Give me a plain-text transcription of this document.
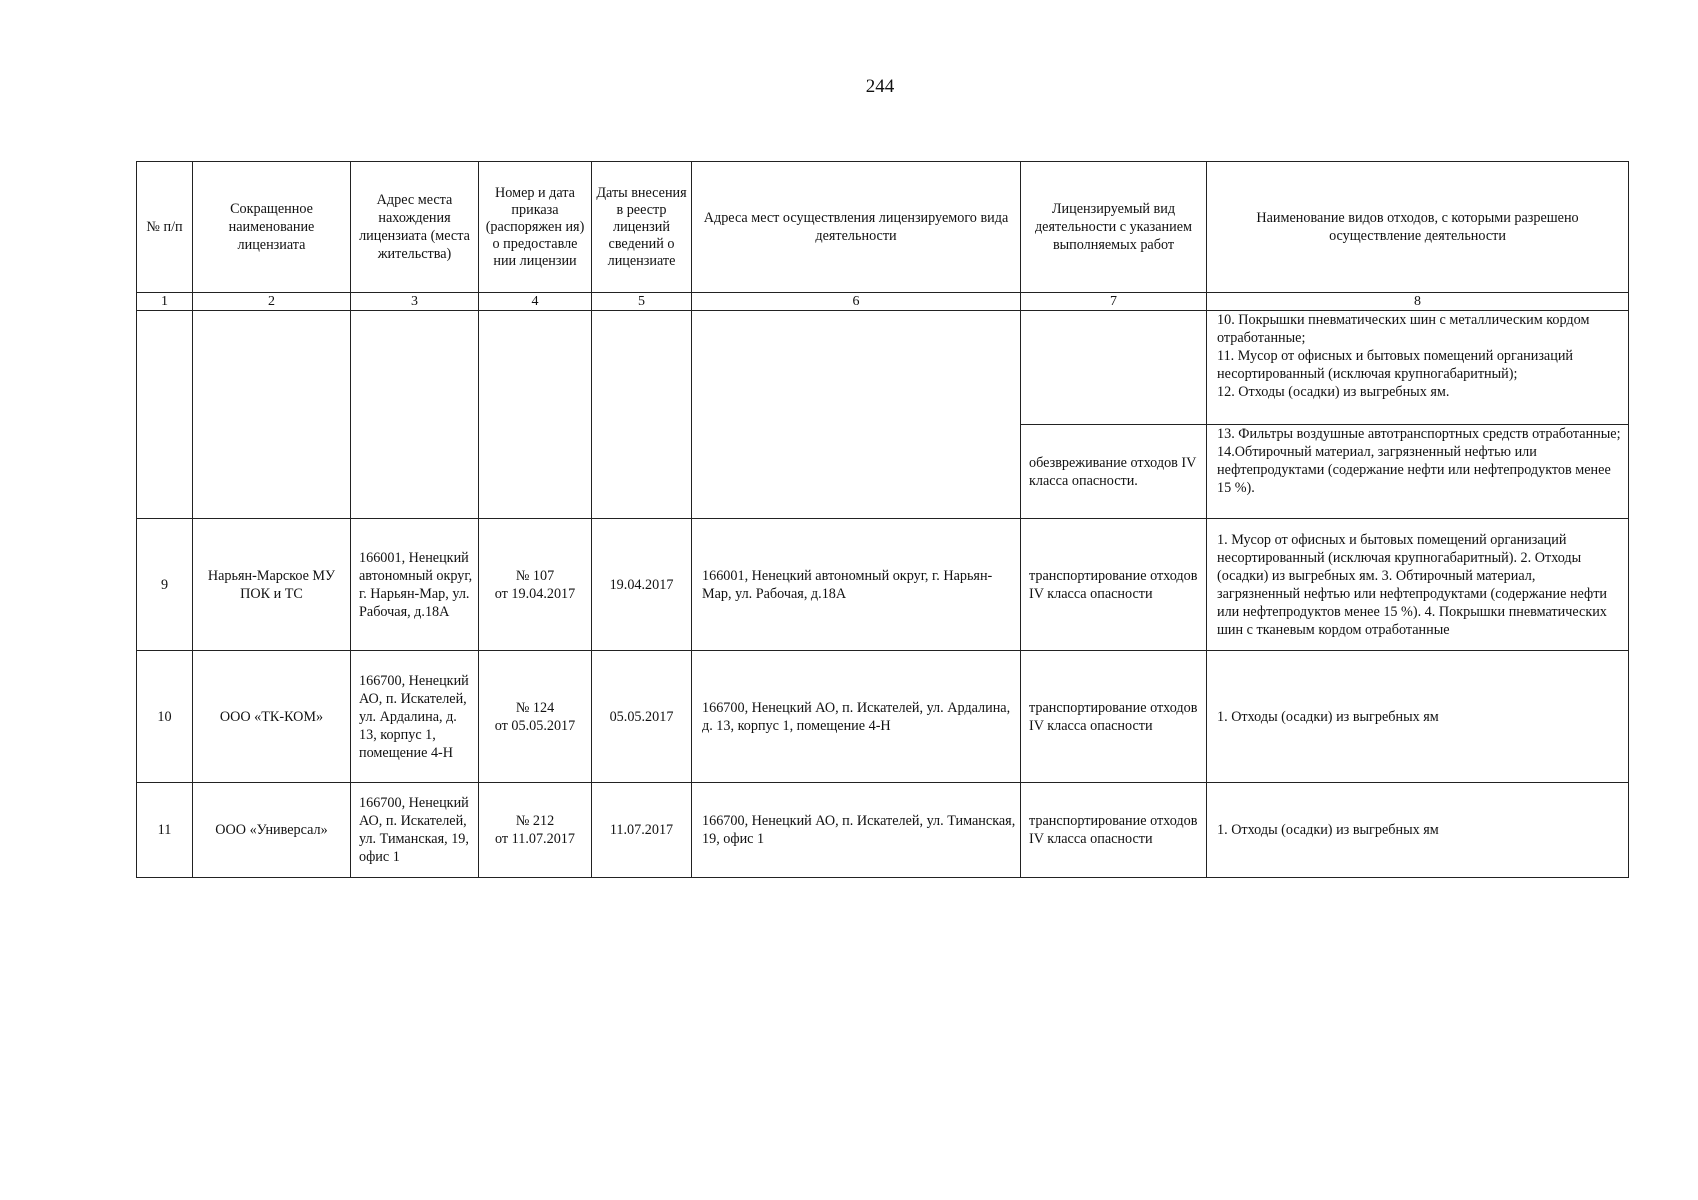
244
№ п/п	Сокращенное наименование лицензиата	Адрес места нахождения лицензиата (места жительства)	Номер и дата приказа (распоряжен ия) о предоставле нии лицензии	Даты внесения в реестр лицензий сведений о лицензиате	Адреса мест осуществления лицензируемого вида деятельности	Лицензируемый вид деятельности с указанием выполняемых работ	Наименование видов отходов, с которыми разрешено осуществление деятельности
1	2	3	4	5	6	7	8
							10. Покрышки пневматических шин с металлическим кордом отработанные;
11. Мусор от офисных и бытовых помещений организаций несортированный (исключая крупногабаритный);
12. Отходы (осадки) из выгребных ям.
						обезвреживание отходов IV класса опасности.	13. Фильтры воздушные автотранспортных средств отработанные;
14.Обтирочный материал, загрязненный нефтью или нефтепродуктами (содержание нефти или нефтепродуктов менее 15 %).
9	Нарьян-Марское МУ ПОК и ТС	166001, Ненецкий автономный округ, г. Нарьян-Мар, ул. Рабочая, д.18А	№ 107
от 19.04.2017	19.04.2017	166001, Ненецкий автономный округ, г. Нарьян-Мар, ул. Рабочая, д.18А	транспортирование отходов IV класса опасности	1. Мусор от офисных и бытовых помещений организаций несортированный (исключая крупногабаритный). 2. Отходы (осадки) из выгребных ям. 3. Обтирочный материал, загрязненный нефтью или нефтепродуктами (содержание нефти или нефтепродуктов менее 15 %). 4. Покрышки пневматических шин с тканевым кордом отработанные
10	ООО «ТК-КОМ»	166700, Ненецкий АО, п. Искателей, ул. Ардалина, д. 13, корпус 1, помещение 4-Н	№ 124
от 05.05.2017	05.05.2017	166700, Ненецкий АО, п. Искателей, ул. Ардалина, д. 13, корпус 1, помещение 4-Н	транспортирование отходов IV класса опасности	1. Отходы (осадки) из выгребных ям
11	ООО «Универсал»	166700, Ненецкий АО, п. Искателей, ул. Тиманская, 19, офис 1	№ 212
от 11.07.2017	11.07.2017	166700, Ненецкий АО, п. Искателей, ул. Тиманская, 19, офис 1	транспортирование отходов IV класса опасности	1. Отходы (осадки) из выгребных ям
